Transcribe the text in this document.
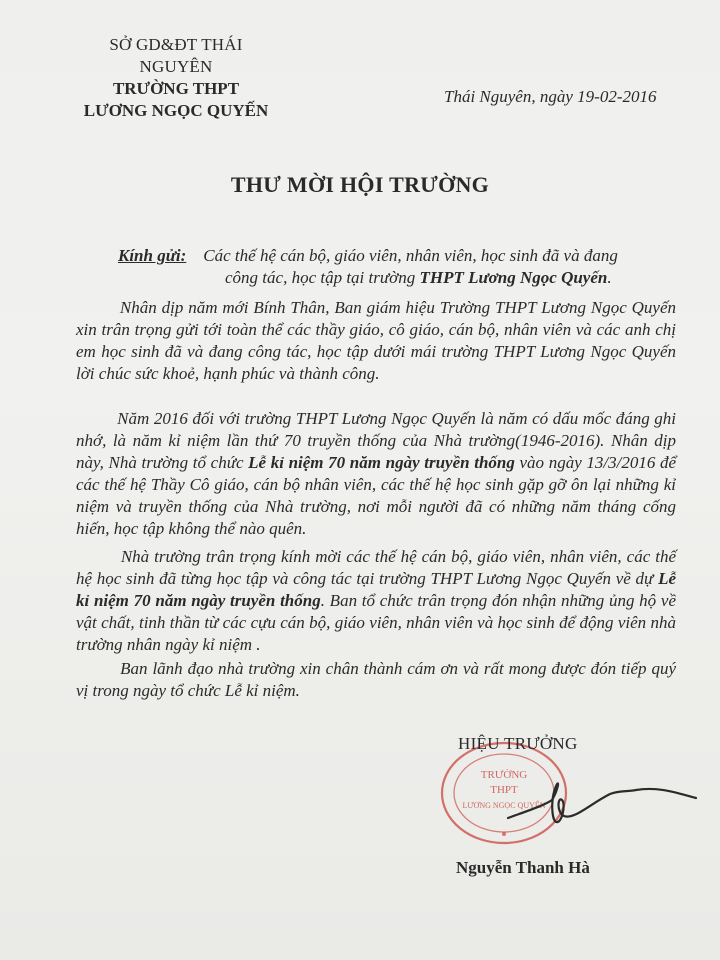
SỞ GD&ĐT THÁI NGUYÊN
TRƯỜNG THPT
LƯƠNG NGỌC QUYẾN
Thái Nguyên, ngày 19-02-2016
THƯ MỜI HỘI TRƯỜNG
Kính gửi: Các thế hệ cán bộ, giáo viên, nhân viên, học sinh đã và đang
công tác, học tập tại trường THPT Lương Ngọc Quyến.

Nhân dịp năm mới Bính Thân, Ban giám hiệu Trường THPT Lương Ngọc Quyến xin trân trọng gửi tới toàn thể các thầy giáo, cô giáo, cán bộ, nhân viên và các anh chị em học sinh đã và đang công tác, học tập dưới mái trường THPT Lương Ngọc Quyến lời chúc sức khoẻ, hạnh phúc và thành công.

Năm 2016 đối với trường THPT Lương Ngọc Quyến là năm có dấu mốc đáng ghi nhớ, là năm kỉ niệm lần thứ 70 truyền thống của Nhà trường(1946-2016). Nhân dịp này, Nhà trường tổ chức Lễ kỉ niệm 70 năm ngày truyền thống vào ngày 13/3/2016 để các thế hệ Thầy Cô giáo, cán bộ nhân viên, các thế hệ học sinh gặp gỡ ôn lại những kỉ niệm và truyền thống của Nhà trường, nơi mỗi người đã có những năm tháng cống hiến, học tập không thể nào quên.

Nhà trường trân trọng kính mời các thế hệ cán bộ, giáo viên, nhân viên, các thế hệ học sinh đã từng học tập và công tác tại trường THPT Lương Ngọc Quyến về dự Lễ kỉ niệm 70 năm ngày truyền thống. Ban tổ chức trân trọng đón nhận những ủng hộ về vật chất, tinh thần từ các cựu cán bộ, giáo viên, nhân viên và học sinh để động viên nhà trường nhân ngày kỉ niệm .

Ban lãnh đạo nhà trường xin chân thành cám ơn và rất mong được đón tiếp quý vị trong ngày tổ chức Lễ kỉ niệm.

TRƯỜNG
THPT
LƯƠNG NGỌC QUYẾN
HIỆU TRƯỞNG
Nguyễn Thanh Hà
